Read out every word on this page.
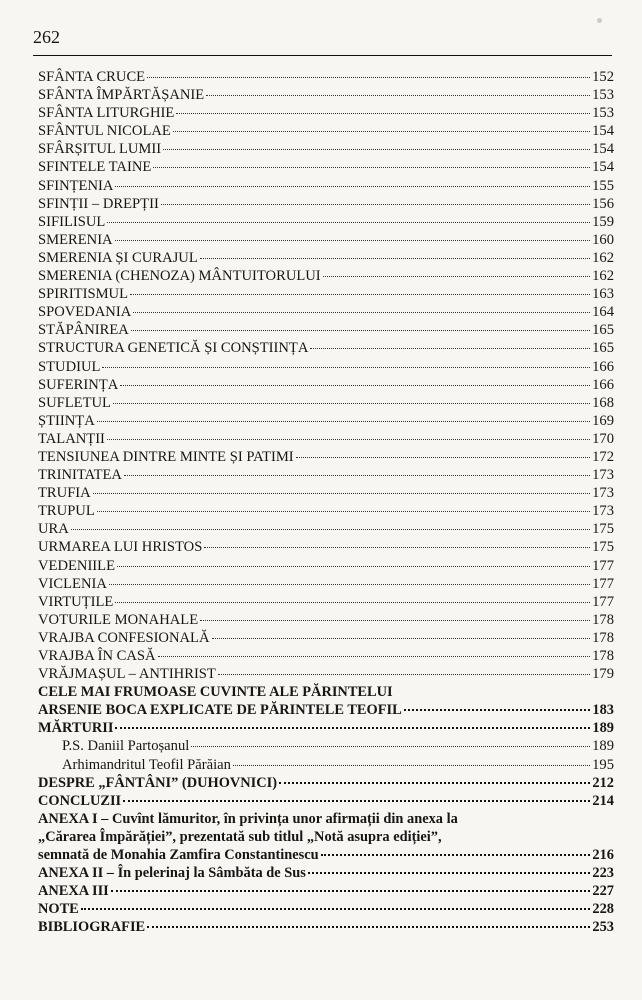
262
SFÂNTA CRUCE	152
SFÂNTA ÎMPĂRTĂȘANIE	153
SFÂNTA LITURGHIE	153
SFÂNTUL NICOLAE	154
SFÂRȘITUL LUMII	154
SFINTELE TAINE	154
SFINȚENIA	155
SFINȚII – DREPȚII	156
SIFILISUL	159
SMERENIA	160
SMERENIA ȘI CURAJUL	162
SMERENIA (CHENOZA) MÂNTUITORULUI	162
SPIRITISMUL	163
SPOVEDANIA	164
STĂPÂNIREA	165
STRUCTURA GENETICĂ ȘI CONȘTIINȚA	165
STUDIUL	166
SUFERINȚA	166
SUFLETUL	168
ȘTIINȚA	169
TALANȚII	170
TENSIUNEA DINTRE MINTE ȘI PATIMI	172
TRINITATEA	173
TRUFIA	173
TRUPUL	173
URA	175
URMAREA LUI HRISTOS	175
VEDENIILE	177
VICLENIA	177
VIRTUȚILE	177
VOTURILE MONAHALE	178
VRAJBA CONFESIONALĂ	178
VRAJBA ÎN CASĂ	178
VRĂJMAȘUL – ANTIHRIST	179
CELE MAI FRUMOASE CUVINTE ALE PĂRINTELUI
ARSENIE BOCA EXPLICATE DE PĂRINTELE TEOFIL	183
MĂRTURII	189
P.S. Daniil Partoșanul	189
Arhimandritul Teofil Părăian	195
DESPRE „FÂNTÂNI” (DUHOVNICI)	212
CONCLUZII	214
ANEXA I – Cuvînt lămuritor, în privința unor afirmații din anexa la
„Cărarea Împărăției”, prezentată sub titlul „Notă asupra ediției”,
semnată de Monahia Zamfira Constantinescu	216
ANEXA II – În pelerinaj la Sâmbăta de Sus	223
ANEXA III	227
NOTE	228
BIBLIOGRAFIE	253
